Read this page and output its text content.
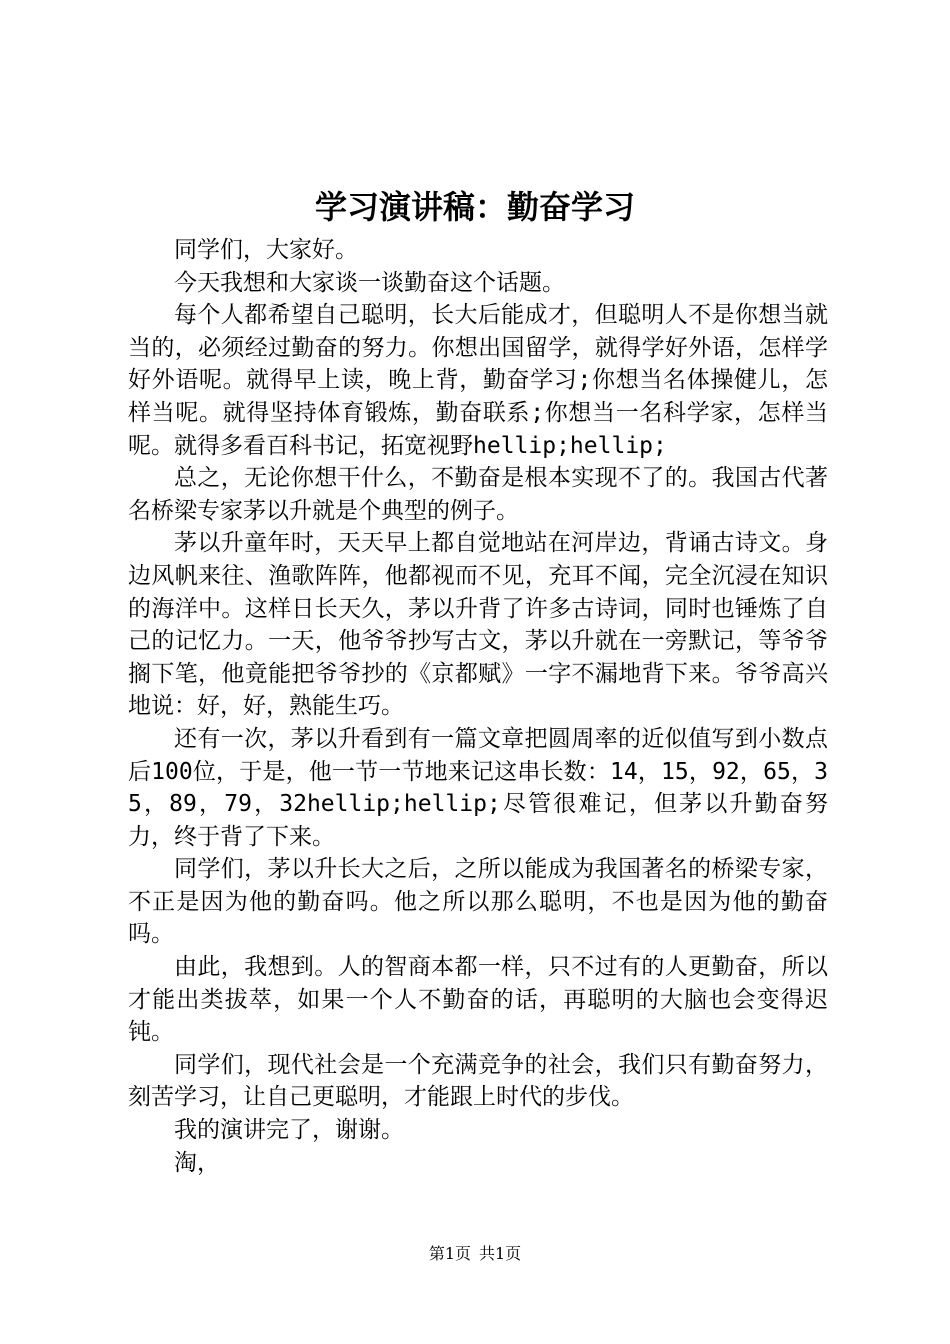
学习演讲稿：勤奋学习

同学们，大家好。

今天我想和大家谈一谈勤奋这个话题。

每个人都希望自己聪明，长大后能成才，但聪明人不是你想当就当的，必须经过勤奋的努力。你想出国留学，就得学好外语，怎样学好外语呢。就得早上读，晚上背，勤奋学习;你想当名体操健儿，怎样当呢。就得坚持体育锻炼，勤奋联系;你想当一名科学家，怎样当呢。就得多看百科书记，拓宽视野hellip;hellip;

总之，无论你想干什么，不勤奋是根本实现不了的。我国古代著名桥梁专家茅以升就是个典型的例子。

茅以升童年时，天天早上都自觉地站在河岸边，背诵古诗文。身边风帆来往、渔歌阵阵，他都视而不见，充耳不闻，完全沉浸在知识的海洋中。这样日长天久，茅以升背了许多古诗词，同时也锤炼了自己的记忆力。一天，他爷爷抄写古文，茅以升就在一旁默记，等爷爷搁下笔，他竟能把爷爷抄的《京都赋》一字不漏地背下来。爷爷高兴地说：好，好，熟能生巧。

还有一次，茅以升看到有一篇文章把圆周率的近似值写到小数点后100位，于是，他一节一节地来记这串长数：14，15，92，65，35，89，79，32hellip;hellip;尽管很难记，但茅以升勤奋努力，终于背了下来。

同学们，茅以升长大之后，之所以能成为我国著名的桥梁专家，不正是因为他的勤奋吗。他之所以那么聪明，不也是因为他的勤奋吗。

由此，我想到。人的智商本都一样，只不过有的人更勤奋，所以才能出类拔萃，如果一个人不勤奋的话，再聪明的大脑也会变得迟钝。

同学们，现代社会是一个充满竞争的社会，我们只有勤奋努力，刻苦学习，让自己更聪明，才能跟上时代的步伐。

我的演讲完了，谢谢。

淘，

第1页 共1页
